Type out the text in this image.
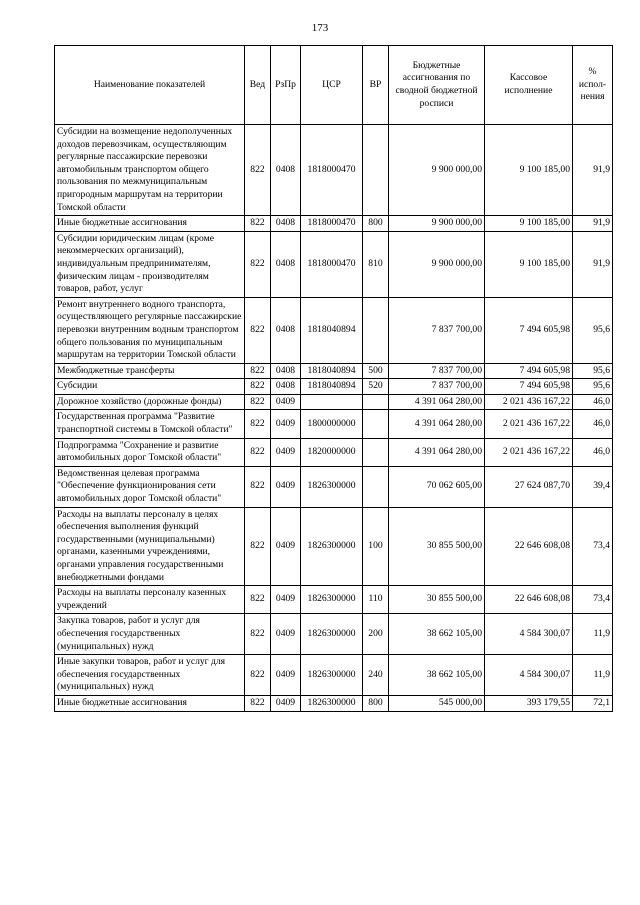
173
Наименование показателей	Вед	РзПр	ЦСР	ВР	Бюджетные ассигнования по сводной бюджетной росписи	Кассовое исполнение	% испол-нения
Субсидии на возмещение недополученных доходов перевозчикам, осуществляющим регулярные пассажирские перевозки автомобильным транспортом общего пользования по межмуниципальным пригородным маршрутам на территории Томской области	822	0408	1818000470		9 900 000,00	9 100 185,00	91,9
Иные бюджетные ассигнования	822	0408	1818000470	800	9 900 000,00	9 100 185,00	91,9
Субсидии юридическим лицам (кроме некоммерческих организаций), индивидуальным предпринимателям, физическим лицам - производителям товаров, работ, услуг	822	0408	1818000470	810	9 900 000,00	9 100 185,00	91,9
Ремонт внутреннего водного транспорта, осуществляющего регулярные пассажирские перевозки внутренним водным транспортом общего пользования по муниципальным маршрутам на территории Томской области	822	0408	1818040894		7 837 700,00	7 494 605,98	95,6
Межбюджетные трансферты	822	0408	1818040894	500	7 837 700,00	7 494 605,98	95,6
Субсидии	822	0408	1818040894	520	7 837 700,00	7 494 605,98	95,6
Дорожное хозяйство (дорожные фонды)	822	0409			4 391 064 280,00	2 021 436 167,22	46,0
Государственная программа "Развитие транспортной системы в Томской области"	822	0409	1800000000		4 391 064 280,00	2 021 436 167,22	46,0
Подпрограмма "Сохранение и развитие автомобильных дорог Томской области"	822	0409	1820000000		4 391 064 280,00	2 021 436 167,22	46,0
Ведомственная целевая программа "Обеспечение функционирования сети автомобильных дорог Томской области"	822	0409	1826300000		70 062 605,00	27 624 087,70	39,4
Расходы на выплаты персоналу в целях обеспечения выполнения функций государственными (муниципальными) органами, казенными учреждениями, органами управления государственными внебюджетными фондами	822	0409	1826300000	100	30 855 500,00	22 646 608,08	73,4
Расходы на выплаты персоналу казенных учреждений	822	0409	1826300000	110	30 855 500,00	22 646 608,08	73,4
Закупка товаров, работ и услуг для обеспечения государственных (муниципальных) нужд	822	0409	1826300000	200	38 662 105,00	4 584 300,07	11,9
Иные закупки товаров, работ и услуг для обеспечения государственных (муниципальных) нужд	822	0409	1826300000	240	38 662 105,00	4 584 300,07	11,9
Иные бюджетные ассигнования	822	0409	1826300000	800	545 000,00	393 179,55	72,1
